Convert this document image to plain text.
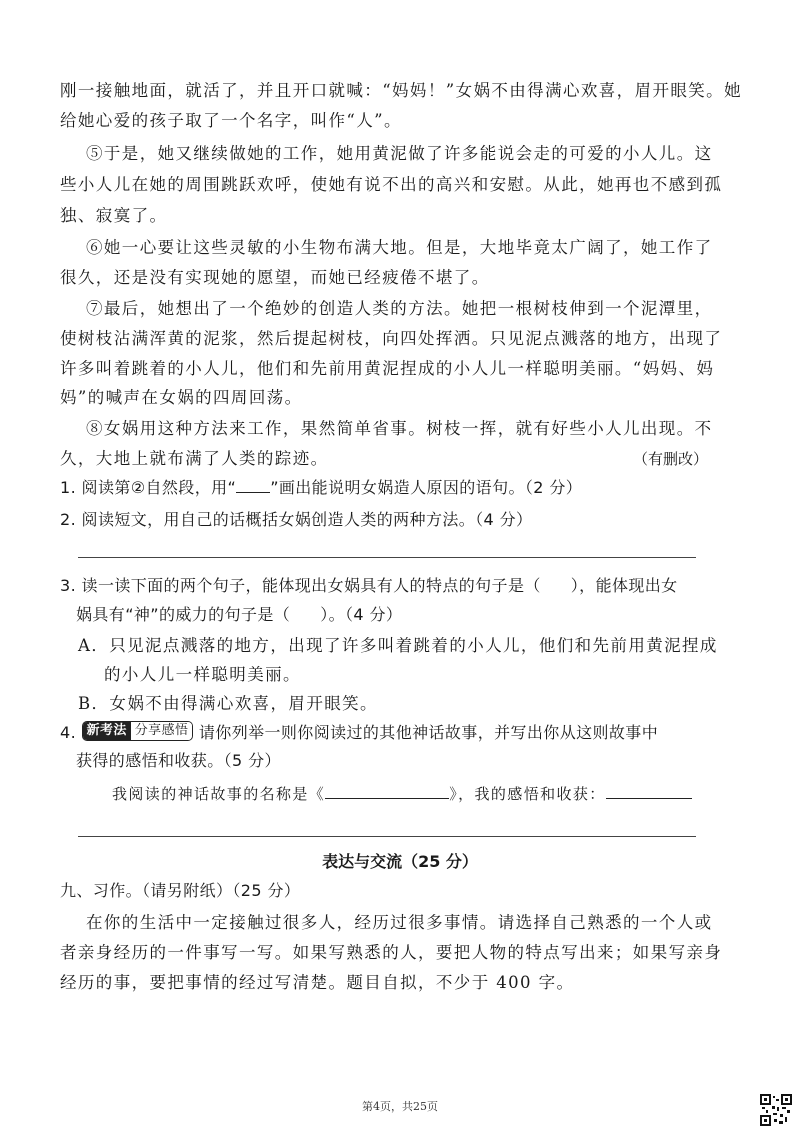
刚一接触地面，就活了，并且开口就喊：“妈妈！”女娲不由得满心欢喜，眉开眼笑。她
给她心爱的孩子取了一个名字，叫作“人”。
⑤于是，她又继续做她的工作，她用黄泥做了许多能说会走的可爱的小人儿。这
些小人儿在她的周围跳跃欢呼，使她有说不出的高兴和安慰。从此，她再也不感到孤
独、寂寞了。
⑥她一心要让这些灵敏的小生物布满大地。但是，大地毕竟太广阔了，她工作了
很久，还是没有实现她的愿望，而她已经疲倦不堪了。
⑦最后，她想出了一个绝妙的创造人类的方法。她把一根树枝伸到一个泥潭里，
使树枝沾满浑黄的泥浆，然后提起树枝，向四处挥洒。只见泥点溅落的地方，出现了
许多叫着跳着的小人儿，他们和先前用黄泥捏成的小人儿一样聪明美丽。“妈妈、妈
妈”的喊声在女娲的四周回荡。
⑧女娲用这种方法来工作，果然简单省事。树枝一挥，就有好些小人儿出现。不
久，大地上就布满了人类的踪迹。	（有删改）
1. 阅读第②自然段，用“ ”画出能说明女娲造人原因的语句。（2 分）
2. 阅读短文，用自己的话概括女娲创造人类的两种方法。（4 分）
3. 读一读下面的两个句子，能体现出女娲具有人的特点的句子是（ ），能体现出女
娲具有“神”的威力的句子是（ ）。（4 分）
A．只见泥点溅落的地方，出现了许多叫着跳着的小人儿，他们和先前用黄泥捏成
的小人儿一样聪明美丽。
B．女娲不由得满心欢喜，眉开眼笑。
4. 新考法 分享感悟 请你列举一则你阅读过的其他神话故事，并写出你从这则故事中
获得的感悟和收获。（5 分）
我阅读的神话故事的名称是《	》，我的感悟和收获：
表达与交流（25 分）
九、习作。（请另附纸）（25 分）
在你的生活中一定接触过很多人，经历过很多事情。请选择自己熟悉的一个人或
者亲身经历的一件事写一写。如果写熟悉的人，要把人物的特点写出来；如果写亲身
经历的事，要把事情的经过写清楚。题目自拟，不少于 400 字。
第4页，共25页
